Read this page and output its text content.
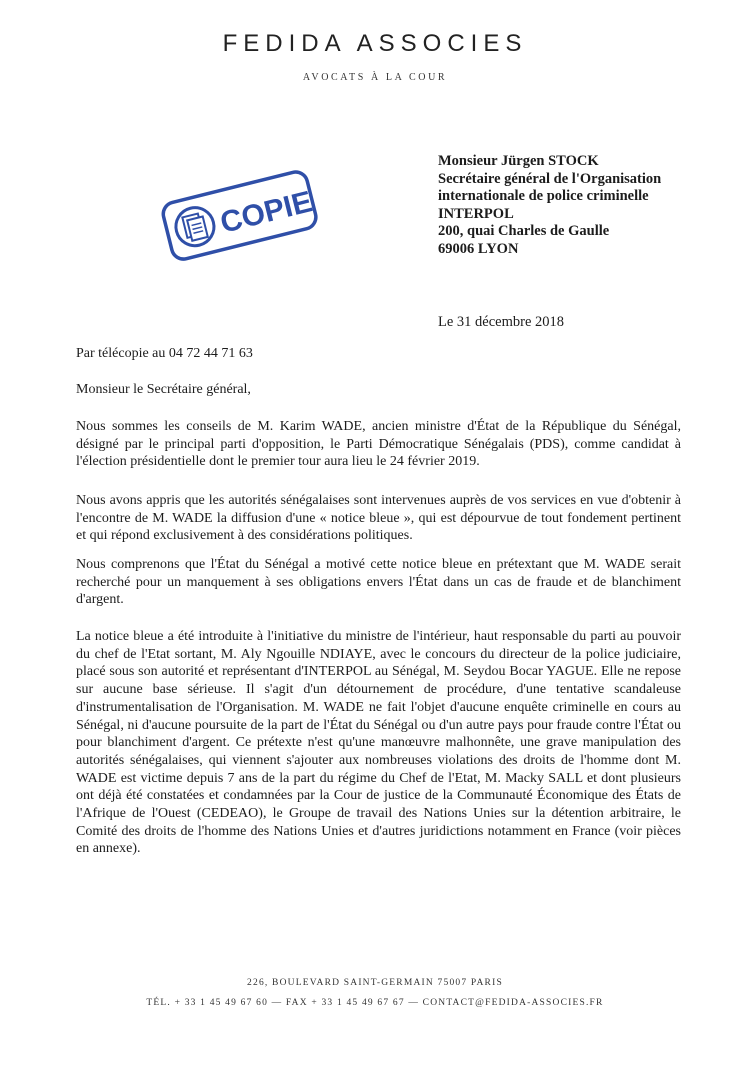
FEDIDA ASSOCIES
AVOCATS À LA COUR
COPIE
Monsieur Jürgen STOCK
Secrétaire général de l'Organisation
internationale de police criminelle
INTERPOL
200, quai Charles de Gaulle
69006 LYON
Le 31 décembre 2018
Par télécopie au 04 72 44 71 63
Monsieur le Secrétaire général,

Nous sommes les conseils de M. Karim WADE, ancien ministre d'État de la République du Sénégal, désigné par le principal parti d'opposition, le Parti Démocratique Sénégalais (PDS), comme candidat à l'élection présidentielle dont le premier tour aura lieu le 24 février 2019.

Nous avons appris que les autorités sénégalaises sont intervenues auprès de vos services en vue d'obtenir à l'encontre de M. WADE la diffusion d'une « notice bleue », qui est dépourvue de tout fondement pertinent et qui répond exclusivement à des considérations politiques.

Nous comprenons que l'État du Sénégal a motivé cette notice bleue en prétextant que M. WADE serait recherché pour un manquement à ses obligations envers l'État dans un cas de fraude et de blanchiment d'argent.

La notice bleue a été introduite à l'initiative du ministre de l'intérieur, haut responsable du parti au pouvoir du chef de l'Etat sortant, M. Aly Ngouille NDIAYE, avec le concours du directeur de la police judiciaire, placé sous son autorité et représentant d'INTERPOL au Sénégal, M. Seydou Bocar YAGUE. Elle ne repose sur aucune base sérieuse. Il s'agit d'un détournement de procédure, d'une tentative scandaleuse d'instrumentalisation de l'Organisation. M. WADE ne fait l'objet d'aucune enquête criminelle en cours au Sénégal, ni d'aucune poursuite de la part de l'État du Sénégal ou d'un autre pays pour fraude contre l'État ou pour blanchiment d'argent. Ce prétexte n'est qu'une manœuvre malhonnête, une grave manipulation des autorités sénégalaises, qui viennent s'ajouter aux nombreuses violations des droits de l'homme dont M. WADE est victime depuis 7 ans de la part du régime du Chef de l'Etat, M. Macky SALL et dont plusieurs ont déjà été constatées et condamnées par la Cour de justice de la Communauté Économique des États de l'Afrique de l'Ouest (CEDEAO), le Groupe de travail des Nations Unies sur la détention arbitraire, le Comité des droits de l'homme des Nations Unies et d'autres juridictions notamment en France (voir pièces en annexe).

226, BOULEVARD SAINT-GERMAIN 75007 PARIS
TÉL. + 33 1 45 49 67 60 — FAX + 33 1 45 49 67 67 — CONTACT@FEDIDA-ASSOCIES.FR
